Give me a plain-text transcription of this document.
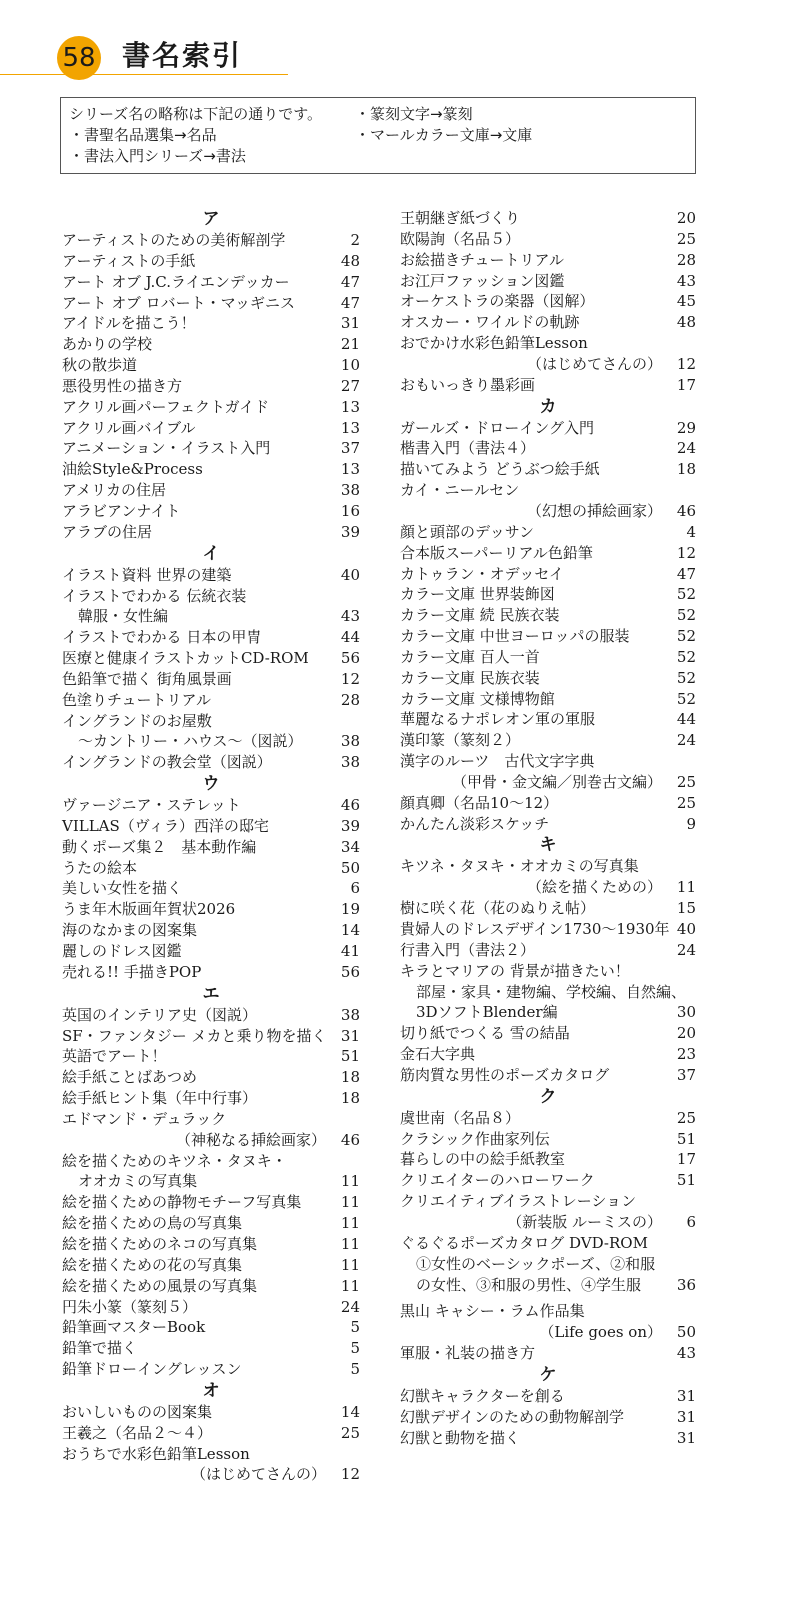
58 書名索引
シリーズ名の略称は下記の通りです。
・書聖名品選集→名品
・書法入門シリーズ→書法
・篆刻文字→篆刻
・マールカラー文庫→文庫
ア
アーティストのための美術解剖学	2
アーティストの手紙	48
アート オブ J.C.ライエンデッカー	47
アート オブ ロバート・マッギニス	47
アイドルを描こう！	31
あかりの学校	21
秋の散歩道	10
悪役男性の描き方	27
アクリル画パーフェクトガイド	13
アクリル画バイブル	13
アニメーション・イラスト入門	37
油絵Style&Process	13
アメリカの住居	38
アラビアンナイト	16
アラブの住居	39
イ
イラスト資料 世界の建築	40
イラストでわかる 伝統衣装
韓服・女性編	43
イラストでわかる 日本の甲冑	44
医療と健康イラストカットCD-ROM	56
色鉛筆で描く 街角風景画	12
色塗りチュートリアル	28
イングランドのお屋敷
～カントリー・ハウス～（図説）	38
イングランドの教会堂（図説）	38
ウ
ヴァージニア・ステレット	46
VILLAS（ヴィラ）西洋の邸宅	39
動くポーズ集２　基本動作編	34
うたの絵本	50
美しい女性を描く	6
うま年木版画年賀状2026	19
海のなかまの図案集	14
麗しのドレス図鑑	41
売れる!! 手描きPOP	56
エ
英国のインテリア史（図説）	38
SF・ファンタジー メカと乗り物を描く 31
英語でアート！	51
絵手紙ことばあつめ	18
絵手紙ヒント集（年中行事）	18
エドマンド・デュラック
（神秘なる挿絵画家） 46
絵を描くためのキツネ・タヌキ・
オオカミの写真集	11
絵を描くための静物モチーフ写真集	11
絵を描くための鳥の写真集	11
絵を描くためのネコの写真集	11
絵を描くための花の写真集	11
絵を描くための風景の写真集	11
円朱小篆（篆刻５）	24
鉛筆画マスターBook	5
鉛筆で描く	5
鉛筆ドローイングレッスン	5
オ
おいしいものの図案集	14
王羲之（名品２～４）	25
おうちで水彩色鉛筆Lesson
（はじめてさんの） 12
王朝継ぎ紙づくり	20
欧陽詢（名品５）	25
お絵描きチュートリアル	28
お江戸ファッション図鑑	43
オーケストラの楽器（図解）	45
オスカー・ワイルドの軌跡	48
おでかけ水彩色鉛筆Lesson
（はじめてさんの） 12
おもいっきり墨彩画	17
カ
ガールズ・ドローイング入門	29
楷書入門（書法４）	24
描いてみよう どうぶつ絵手紙	18
カイ・ニールセン
（幻想の挿絵画家） 46
顔と頭部のデッサン	4
合本版スーパーリアル色鉛筆	12
カトゥラン・オデッセイ	47
カラー文庫 世界装飾図	52
カラー文庫 続 民族衣装	52
カラー文庫 中世ヨーロッパの服装	52
カラー文庫 百人一首	52
カラー文庫 民族衣装	52
カラー文庫 文様博物館	52
華麗なるナポレオン軍の軍服	44
漢印篆（篆刻２）	24
漢字のルーツ　古代文字字典
（甲骨・金文編／別巻古文編） 25
顔真卿（名品10～12）	25
かんたん淡彩スケッチ	9
キ
キツネ・タヌキ・オオカミの写真集
（絵を描くための） 11
樹に咲く花（花のぬりえ帖）	15
貴婦人のドレスデザイン1730～1930年 40
行書入門（書法２）	24
キラとマリアの 背景が描きたい！
部屋・家具・建物編、学校編、自然編、
3DソフトBlender編	30
切り紙でつくる 雪の結晶	20
金石大字典	23
筋肉質な男性のポーズカタログ	37
ク
虞世南（名品８）	25
クラシック作曲家列伝	51
暮らしの中の絵手紙教室	17
クリエイターのハローワーク	51
クリエイティブイラストレーション
（新装版 ルーミスの）	6
ぐるぐるポーズカタログ DVD-ROM
①女性のベーシックポーズ、②和服
の女性、③和服の男性、④学生服	36
黒山 キャシー・ラム作品集
（Life goes on） 50
軍服・礼装の描き方	43
ケ
幻獣キャラクターを創る	31
幻獣デザインのための動物解剖学	31
幻獣と動物を描く	31
